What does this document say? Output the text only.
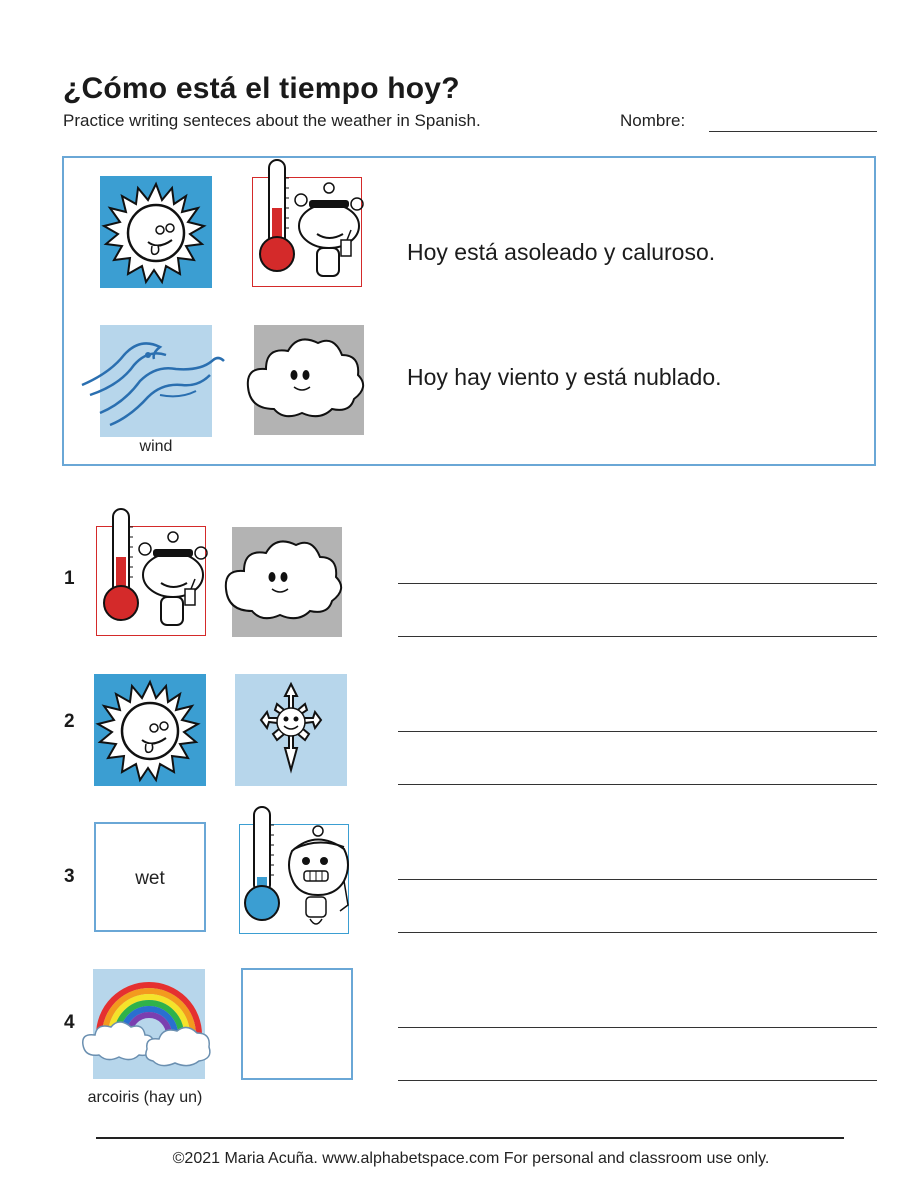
¿Cómo está el tiempo hoy?
Practice writing senteces about the weather in Spanish.	Nombre:
Hoy está asoleado y caluroso.
wind
Hoy hay viento y está nublado.
1
2
3	wet
4
arcoiris (hay un)
©2021 Maria Acuña. www.alphabetspace.com For personal and classroom use only.
